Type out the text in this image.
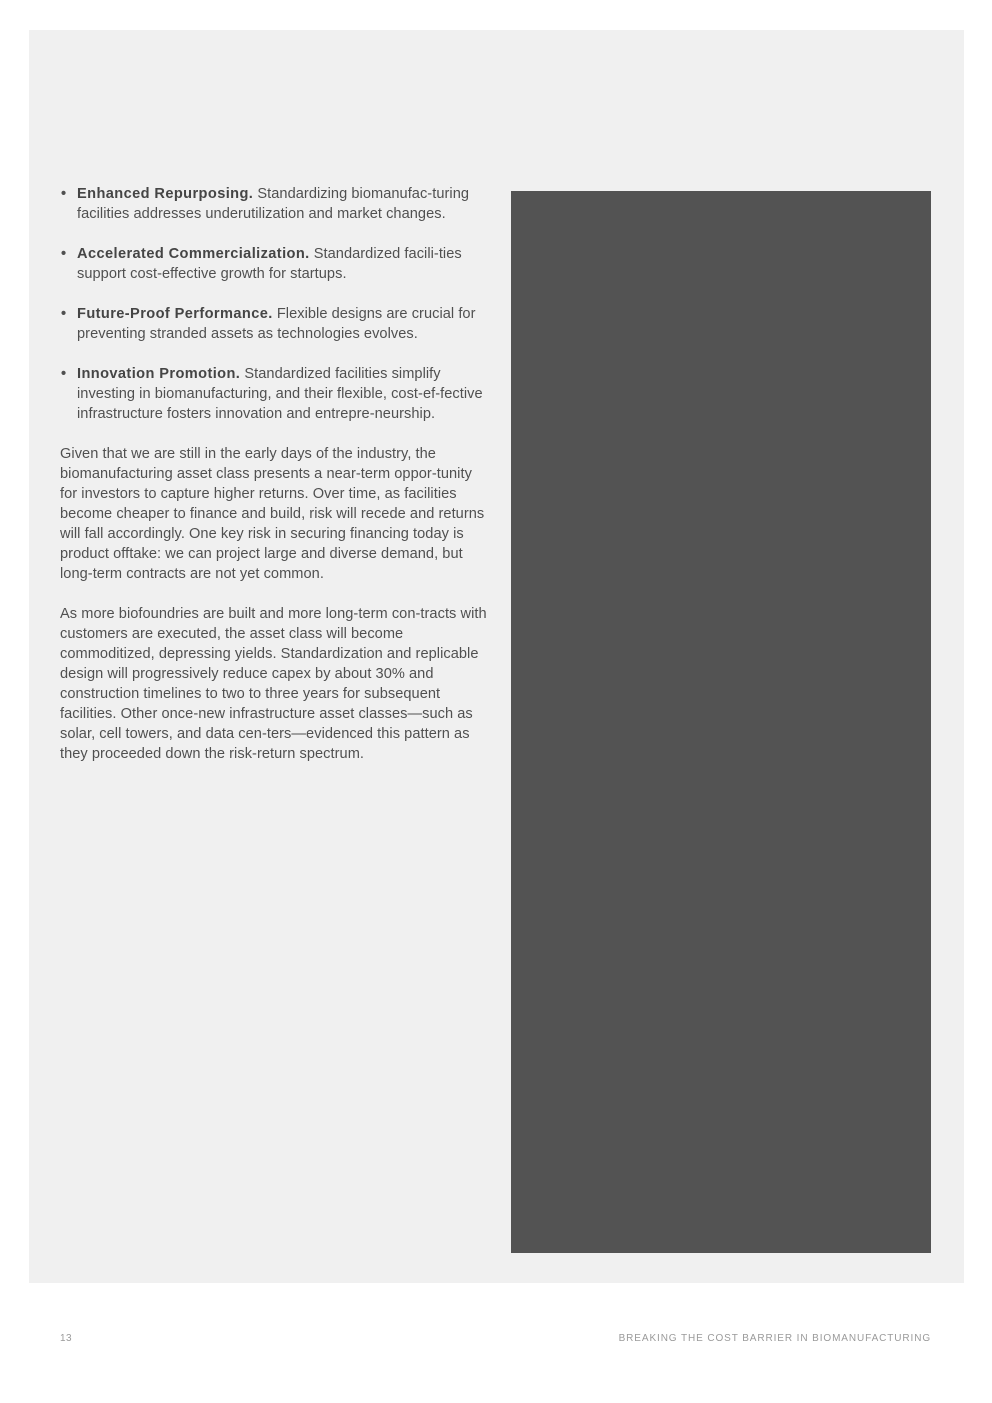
• Enhanced Repurposing. Standardizing biomanufac-turing facilities addresses underutilization and market changes.
• Accelerated Commercialization. Standardized facili-ties support cost-effective growth for startups.
• Future-Proof Performance. Flexible designs are crucial for preventing stranded assets as technologies evolves.
• Innovation Promotion. Standardized facilities simplify investing in biomanufacturing, and their flexible, cost-ef-fective infrastructure fosters innovation and entrepre-neurship.

Given that we are still in the early days of the industry, the biomanufacturing asset class presents a near-term oppor-tunity for investors to capture higher returns. Over time, as facilities become cheaper to finance and build, risk will recede and returns will fall accordingly. One key risk in securing financing today is product offtake: we can project large and diverse demand, but long-term contracts are not yet common.

As more biofoundries are built and more long-term con-tracts with customers are executed, the asset class will become commoditized, depressing yields. Standardization and replicable design will progressively reduce capex by about 30% and construction timelines to two to three years for subsequent facilities. Other once-new infrastructure asset classes—such as solar, cell towers, and data cen-ters—evidenced this pattern as they proceeded down the risk-return spectrum.

13	BREAKING THE COST BARRIER IN BIOMANUFACTURING
